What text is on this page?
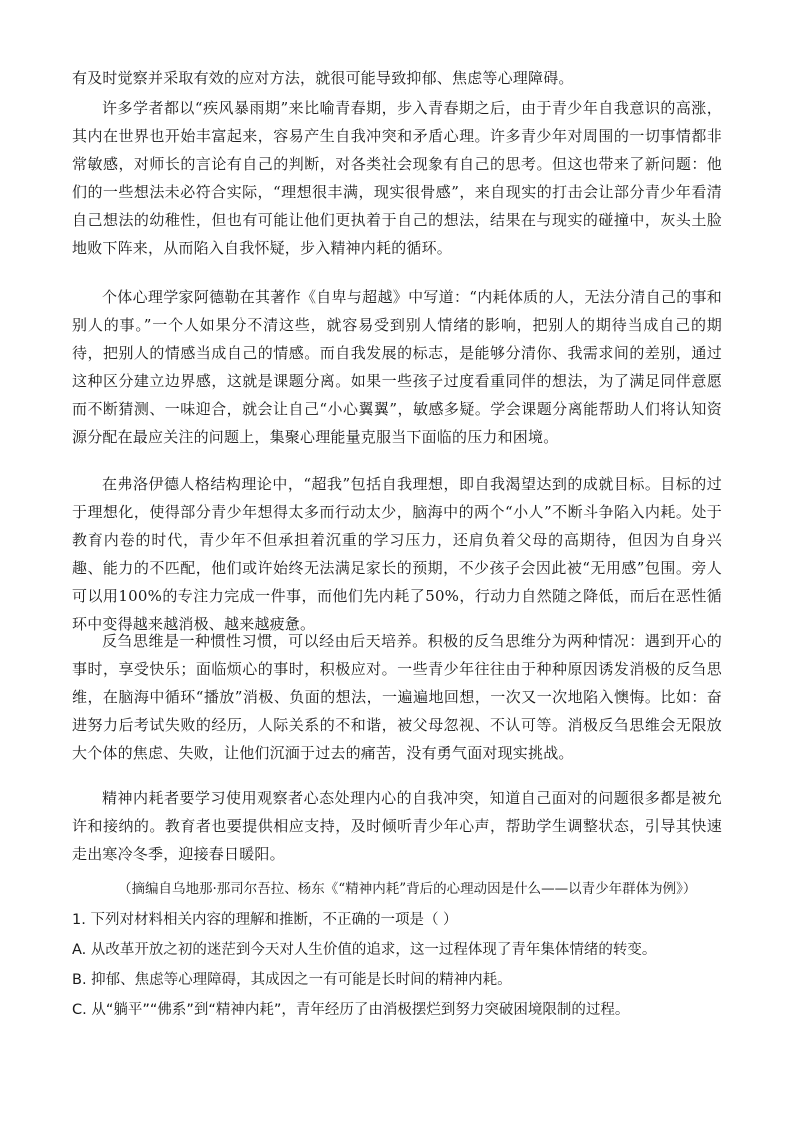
有及时觉察并采取有效的应对方法，就很可能导致抑郁、焦虑等心理障碍。

许多学者都以“疾风暴雨期”来比喻青春期，步入青春期之后，由于青少年自我意识的高涨，其内在世界也开始丰富起来，容易产生自我冲突和矛盾心理。许多青少年对周围的一切事情都非常敏感，对师长的言论有自己的判断，对各类社会现象有自己的思考。但这也带来了新问题：他们的一些想法未必符合实际，“理想很丰满，现实很骨感”，来自现实的打击会让部分青少年看清自己想法的幼稚性，但也有可能让他们更执着于自己的想法，结果在与现实的碰撞中，灰头土脸地败下阵来，从而陷入自我怀疑，步入精神内耗的循环。

个体心理学家阿德勒在其著作《自卑与超越》中写道：“内耗体质的人，无法分清自己的事和别人的事。”一个人如果分不清这些，就容易受到别人情绪的影响，把别人的期待当成自己的期待，把别人的情感当成自己的情感。而自我发展的标志，是能够分清你、我需求间的差别，通过这种区分建立边界感，这就是课题分离。如果一些孩子过度看重同伴的想法，为了满足同伴意愿而不断猜测、一味迎合，就会让自己“小心翼翼”，敏感多疑。学会课题分离能帮助人们将认知资源分配在最应关注的问题上，集聚心理能量克服当下面临的压力和困境。

在弗洛伊德人格结构理论中，“超我”包括自我理想，即自我渴望达到的成就目标。目标的过于理想化，使得部分青少年想得太多而行动太少，脑海中的两个“小人”不断斗争陷入内耗。处于教育内卷的时代，青少年不但承担着沉重的学习压力，还肩负着父母的高期待，但因为自身兴趣、能力的不匹配，他们或许始终无法满足家长的预期，不少孩子会因此被“无用感”包围。旁人可以用100%的专注力完成一件事，而他们先内耗了50%，行动力自然随之降低，而后在恶性循环中变得越来越消极、越来越疲惫。

反刍思维是一种惯性习惯，可以经由后天培养。积极的反刍思维分为两种情况：遇到开心的事时，享受快乐；面临烦心的事时，积极应对。一些青少年往往由于种种原因诱发消极的反刍思维，在脑海中循环“播放”消极、负面的想法，一遍遍地回想，一次又一次地陷入懊悔。比如：奋进努力后考试失败的经历，人际关系的不和谐，被父母忽视、不认可等。消极反刍思维会无限放大个体的焦虑、失败，让他们沉湎于过去的痛苦，没有勇气面对现实挑战。

精神内耗者要学习使用观察者心态处理内心的自我冲突，知道自己面对的问题很多都是被允许和接纳的。教育者也要提供相应支持，及时倾听青少年心声，帮助学生调整状态，引导其快速走出寒冷冬季，迎接春日暖阳。

（摘编自乌地那·那司尔吾拉、杨东《“精神内耗”背后的心理动因是什么——以青少年群体为例》）
1. 下列对材料相关内容的理解和推断，不正确的一项是（ ）
A. 从改革开放之初的迷茫到今天对人生价值的追求，这一过程体现了青年集体情绪的转变。
B. 抑郁、焦虑等心理障碍，其成因之一有可能是长时间的精神内耗。
C. 从“躺平”“佛系”到“精神内耗”，青年经历了由消极摆烂到努力突破困境限制的过程。
